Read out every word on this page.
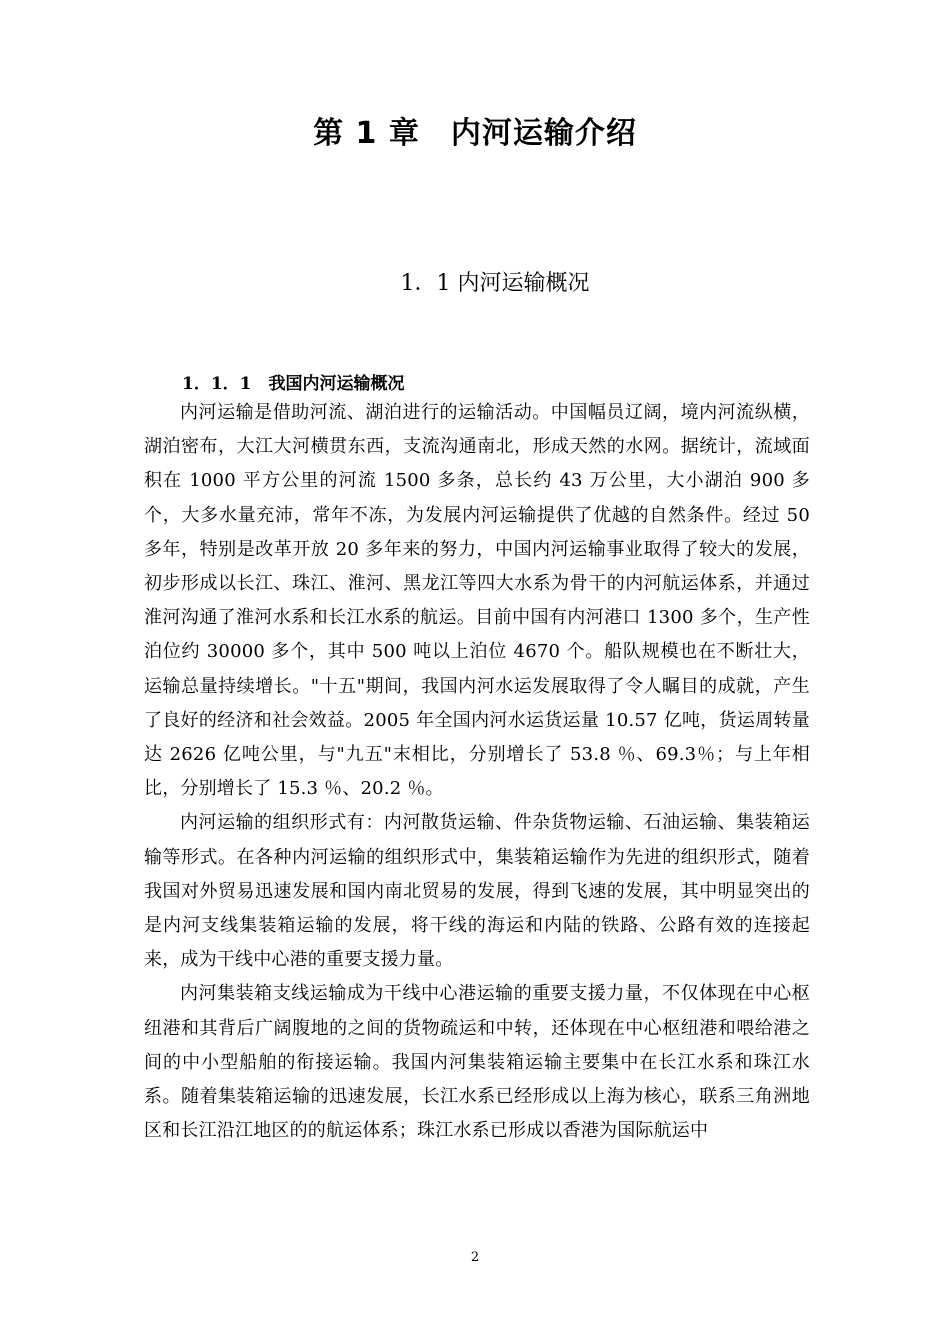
第 1 章　内河运输介绍
1．1 内河运输概况
1．1．1　我国内河运输概况

内河运输是借助河流、湖泊进行的运输活动。中国幅员辽阔，境内河流纵横，湖泊密布，大江大河横贯东西，支流沟通南北，形成天然的水网。据统计，流域面积在 1000 平方公里的河流 1500 多条，总长约 43 万公里，大小湖泊 900 多个，大多水量充沛，常年不冻，为发展内河运输提供了优越的自然条件。经过 50 多年，特别是改革开放 20 多年来的努力，中国内河运输事业取得了较大的发展，初步形成以长江、珠江、淮河、黑龙江等四大水系为骨干的内河航运体系，并通过淮河沟通了淮河水系和长江水系的航运。目前中国有内河港口 1300 多个，生产性泊位约 30000 多个，其中 500 吨以上泊位 4670 个。船队规模也在不断壮大，运输总量持续增长。"十五"期间，我国内河水运发展取得了令人瞩目的成就，产生了良好的经济和社会效益。2005 年全国内河水运货运量 10.57 亿吨，货运周转量达 2626 亿吨公里，与"九五"末相比，分别增长了 53.8 ％、69.3％；与上年相比，分别增长了 15.3 ％、20.2 ％。

内河运输的组织形式有：内河散货运输、件杂货物运输、石油运输、集装箱运输等形式。在各种内河运输的组织形式中，集装箱运输作为先进的组织形式，随着我国对外贸易迅速发展和国内南北贸易的发展，得到飞速的发展，其中明显突出的是内河支线集装箱运输的发展，将干线的海运和内陆的铁路、公路有效的连接起来，成为干线中心港的重要支援力量。

内河集装箱支线运输成为干线中心港运输的重要支援力量，不仅体现在中心枢纽港和其背后广阔腹地的之间的货物疏运和中转，还体现在中心枢纽港和喂给港之间的中小型船舶的衔接运输。我国内河集装箱运输主要集中在长江水系和珠江水系。随着集装箱运输的迅速发展，长江水系已经形成以上海为核心，联系三角洲地区和长江沿江地区的的航运体系；珠江水系已形成以香港为国际航运中

2
